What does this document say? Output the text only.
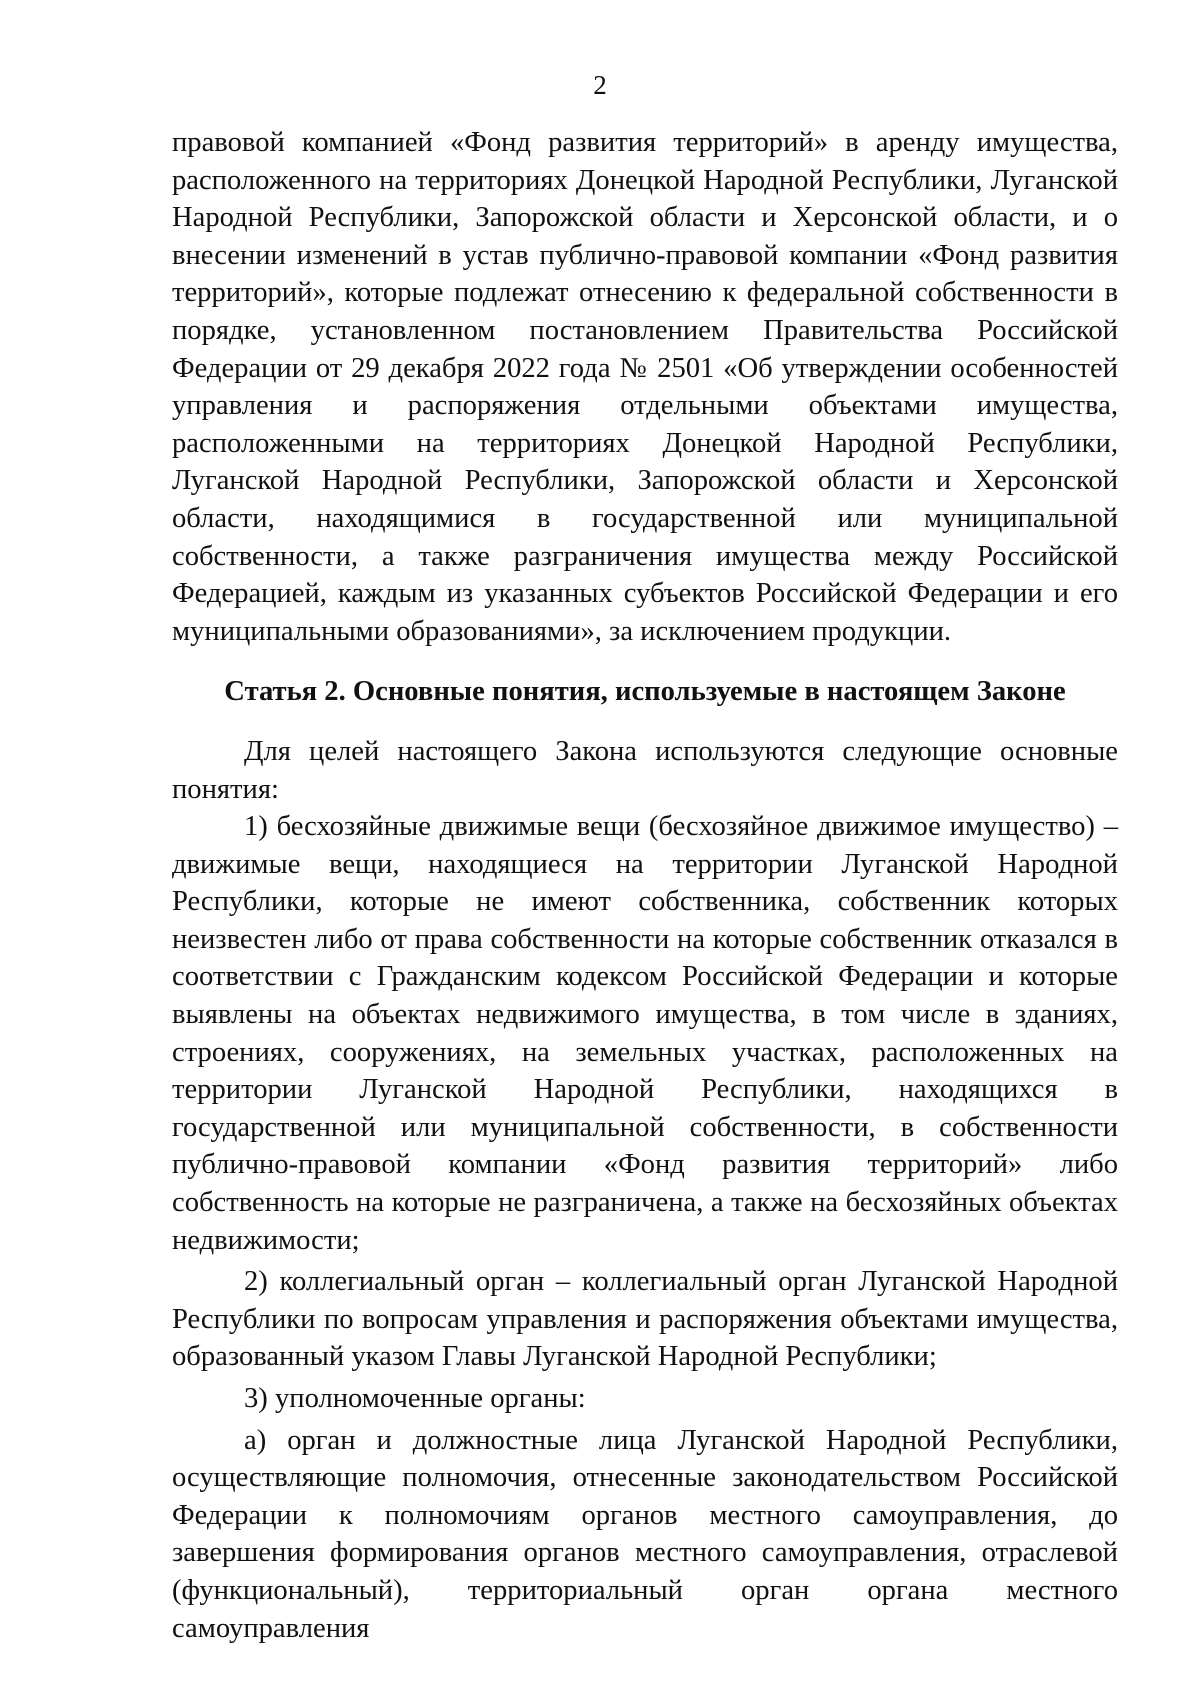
2

правовой компанией «Фонд развития территорий» в аренду имущества, расположенного на территориях Донецкой Народной Республики, Луганской Народной Республики, Запорожской области и Херсонской области, и о внесении изменений в устав публично-правовой компании «Фонд развития территорий», которые подлежат отнесению к федеральной собственности в порядке, установленном постановлением Правительства Российской Федерации от 29 декабря 2022 года № 2501 «Об утверждении особенностей управления и распоряжения отдельными объектами имущества, расположенными на территориях Донецкой Народной Республики, Луганской Народной Республики, Запорожской области и Херсонской области, находящимися в государственной или муниципальной собственности, а также разграничения имущества между Российской Федерацией, каждым из указанных субъектов Российской Федерации и его муниципальными образованиями», за исключением продукции.

Статья 2. Основные понятия, используемые в настоящем Законе

Для целей настоящего Закона используются следующие основные понятия:

1) бесхозяйные движимые вещи (бесхозяйное движимое имущество) – движимые вещи, находящиеся на территории Луганской Народной Республики, которые не имеют собственника, собственник которых неизвестен либо от права собственности на которые собственник отказался в соответствии с Гражданским кодексом Российской Федерации и которые выявлены на объектах недвижимого имущества, в том числе в зданиях, строениях, сооружениях, на земельных участках, расположенных на территории Луганской Народной Республики, находящихся в государственной или муниципальной собственности, в собственности публично-правовой компании «Фонд развития территорий» либо собственность на которые не разграничена, а также на бесхозяйных объектах недвижимости;

2) коллегиальный орган – коллегиальный орган Луганской Народной Республики по вопросам управления и распоряжения объектами имущества, образованный указом Главы Луганской Народной Республики;

3) уполномоченные органы:

а) орган и должностные лица Луганской Народной Республики, осуществляющие полномочия, отнесенные законодательством Российской Федерации к полномочиям органов местного самоуправления, до завершения формирования органов местного самоуправления, отраслевой (функциональный), территориальный орган органа местного самоуправления
